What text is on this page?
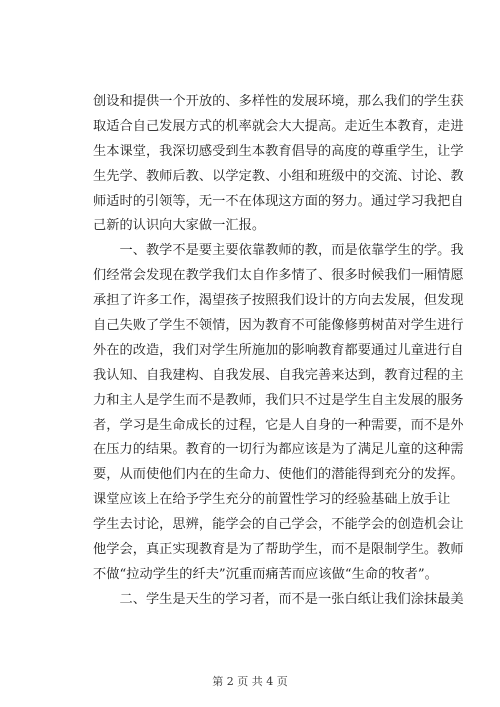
创设和提供一个开放的、多样性的发展环境，那么我们的学生获
取适合自己发展方式的机率就会大大提高。走近生本教育，走进
生本课堂，我深切感受到生本教育倡导的高度的尊重学生，让学
生先学、教师后教、以学定教、小组和班级中的交流、讨论、教
师适时的引领等，无一不在体现这方面的努力。通过学习我把自
己新的认识向大家做一汇报。
　　一、教学不是要主要依靠教师的教，而是依靠学生的学。我
们经常会发现在教学我们太自作多情了、很多时候我们一厢情愿
承担了许多工作，渴望孩子按照我们设计的方向去发展，但发现
自己失败了学生不领情，因为教育不可能像修剪树苗对学生进行
外在的改造，我们对学生所施加的影响教育都要通过儿童进行自
我认知、自我建构、自我发展、自我完善来达到，教育过程的主
力和主人是学生而不是教师，我们只不过是学生自主发展的服务
者，学习是生命成长的过程，它是人自身的一种需要，而不是外
在压力的结果。教育的一切行为都应该是为了满足儿童的这种需
要，从而使他们内在的生命力、使他们的潜能得到充分的发挥。
课堂应该上在给予学生充分的前置性学习的经验基础上放手让
学生去讨论，思辨，能学会的自己学会，不能学会的创造机会让
他学会，真正实现教育是为了帮助学生，而不是限制学生。教师
不做“拉动学生的纤夫”沉重而痛苦而应该做“生命的牧者”。
　　二、学生是天生的学习者，而不是一张白纸让我们涂抹最美
第 2 页 共 4 页
